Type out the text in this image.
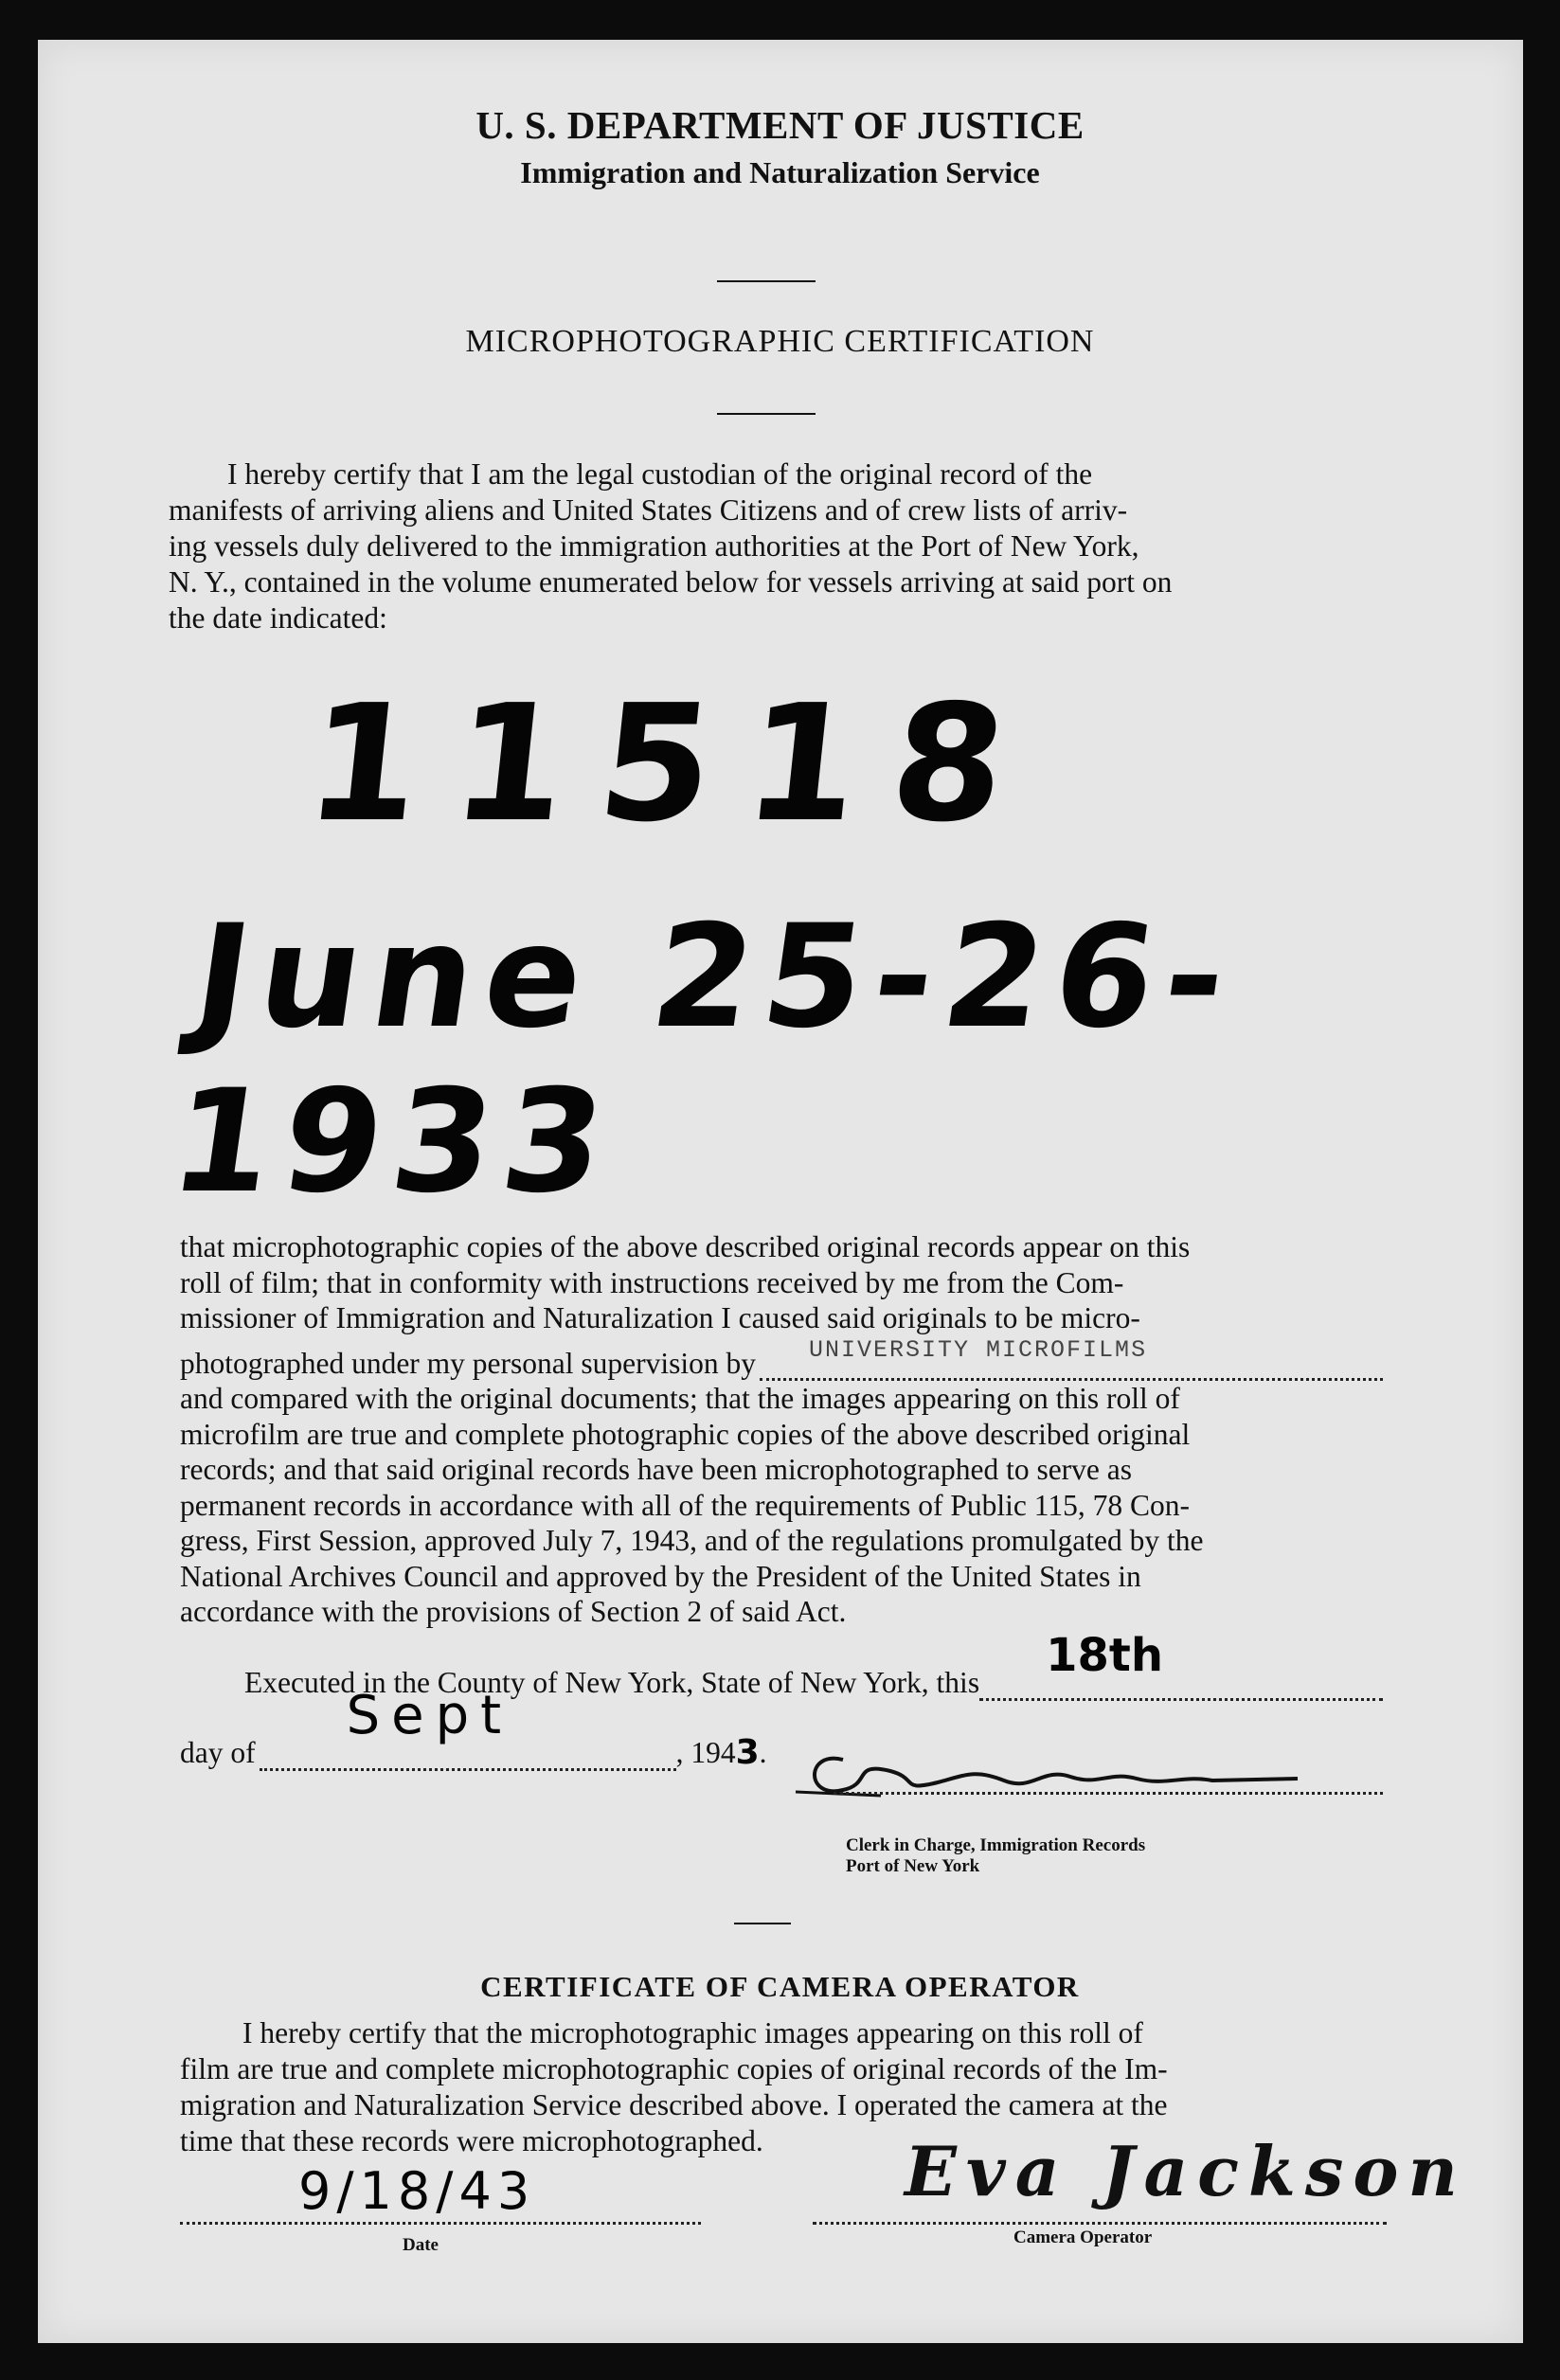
U. S. DEPARTMENT OF JUSTICE
Immigration and Naturalization Service
MICROPHOTOGRAPHIC CERTIFICATION
I hereby certify that I am the legal custodian of the original record of the
manifests of arriving aliens and United States Citizens and of crew lists of arriv-
ing vessels duly delivered to the immigration authorities at the Port of New York,
N. Y., contained in the volume enumerated below for vessels arriving at said port on
the date indicated:
11518
June 25-26-1933
that microphotographic copies of the above described original records appear on this
roll of film; that in conformity with instructions received by me from the Com-
missioner of Immigration and Naturalization I caused said originals to be micro-
photographed under my personal supervision by UNIVERSITY MICROFILMS
and compared with the original documents; that the images appearing on this roll of
microfilm are true and complete photographic copies of the above described original
records; and that said original records have been microphotographed to serve as
permanent records in accordance with all of the requirements of Public 115, 78 Con-
gress, First Session, approved July 7, 1943, and of the regulations promulgated by the
National Archives Council and approved by the President of the United States in
accordance with the provisions of Section 2 of said Act.
Executed in the County of New York, State of New York, this
18th
day of
Sept
, 194 3 .
Clerk in Charge, Immigration Records
Port of New York
CERTIFICATE OF CAMERA OPERATOR
I hereby certify that the microphotographic images appearing on this roll of
film are true and complete microphotographic copies of original records of the Im-
migration and Naturalization Service described above. I operated the camera at the
time that these records were microphotographed.
9/18/43
Date
Eva Jackson
Camera Operator
